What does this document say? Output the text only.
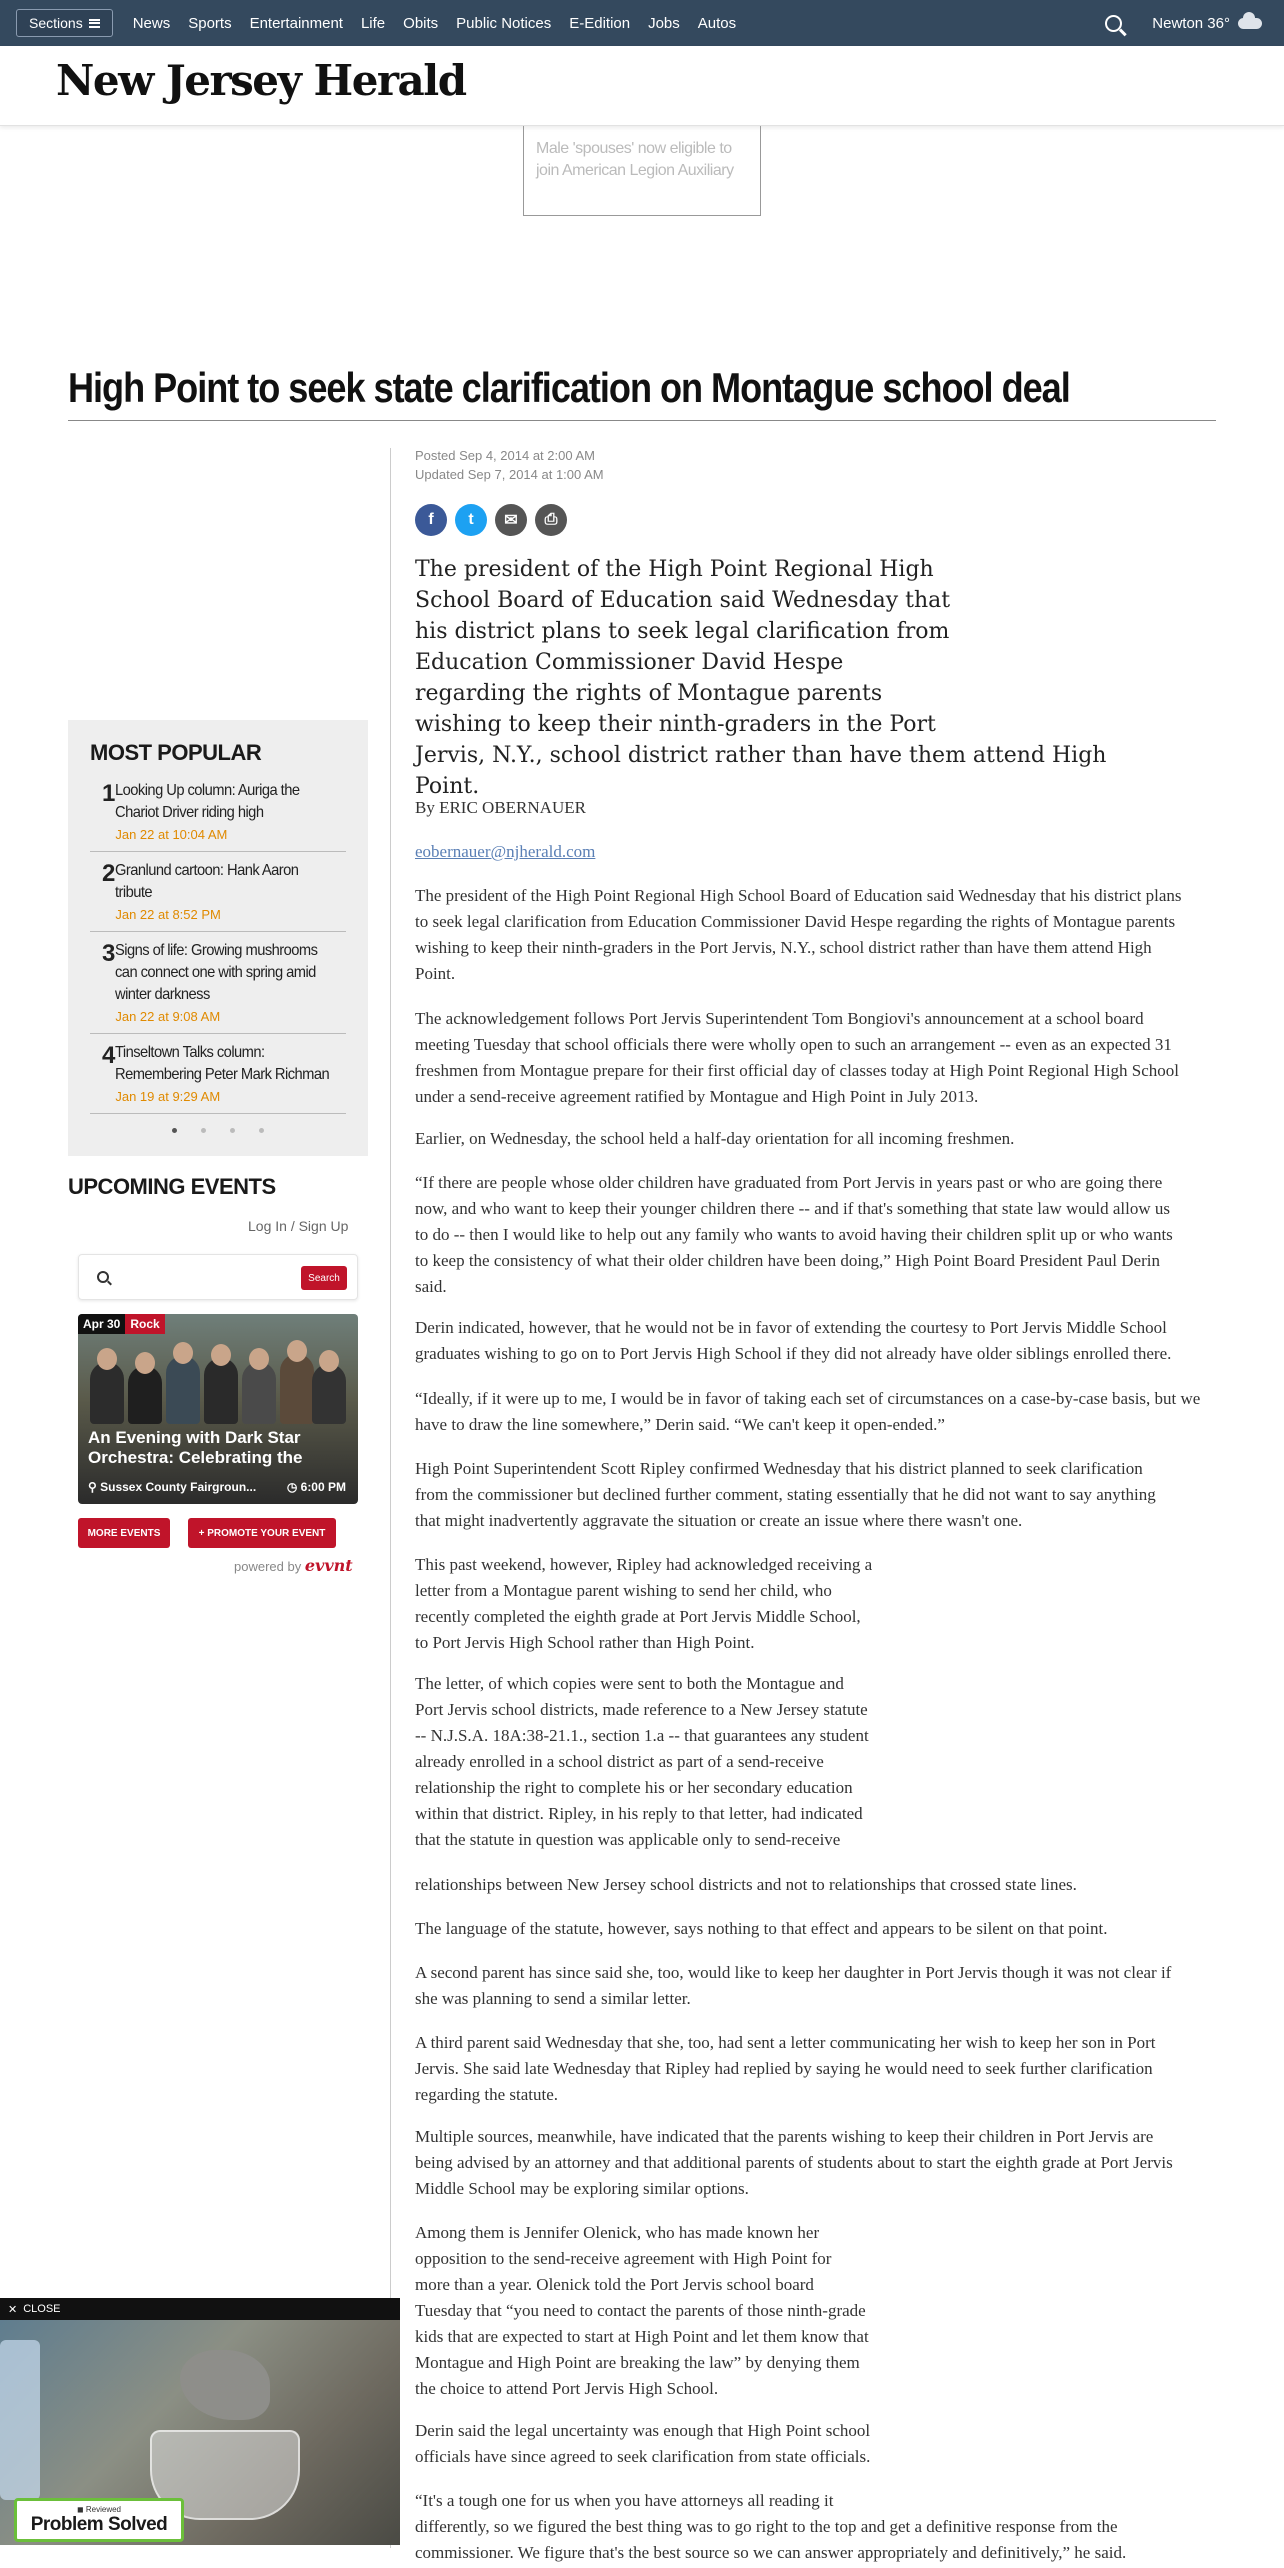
Sections	News Sports Entertainment Life Obits Public Notices E-Edition Jobs Autos	Newton 36°
New Jersey Herald
Male 'spouses' now eligible to join American Legion Auxiliary
High Point to seek state clarification on Montague school deal
Posted Sep 4, 2014 at 2:00 AM
Updated Sep 7, 2014 at 1:00 AM
f	t	✉	⎙
The president of the High Point Regional High
School Board of Education said Wednesday that
his district plans to seek legal clarification from
Education Commissioner David Hespe
regarding the rights of Montague parents
wishing to keep their ninth-graders in the Port
Jervis, N.Y., school district rather than have them attend High Point.
By ERIC OBERNAUER
eobernauer@njherald.com
The president of the High Point Regional High School Board of Education said Wednesday that his district plans
to seek legal clarification from Education Commissioner David Hespe regarding the rights of Montague parents
wishing to keep their ninth-graders in the Port Jervis, N.Y., school district rather than have them attend High
Point.
The acknowledgement follows Port Jervis Superintendent Tom Bongiovi's announcement at a school board
meeting Tuesday that school officials there were wholly open to such an arrangement -- even as an expected 31
freshmen from Montague prepare for their first official day of classes today at High Point Regional High School
under a send-receive agreement ratified by Montague and High Point in July 2013.
Earlier, on Wednesday, the school held a half-day orientation for all incoming freshmen.
“If there are people whose older children have graduated from Port Jervis in years past or who are going there
now, and who want to keep their younger children there -- and if that's something that state law would allow us
to do -- then I would like to help out any family who wants to avoid having their children split up or who wants
to keep the consistency of what their older children have been doing,” High Point Board President Paul Derin
said.
Derin indicated, however, that he would not be in favor of extending the courtesy to Port Jervis Middle School
graduates wishing to go on to Port Jervis High School if they did not already have older siblings enrolled there.
“Ideally, if it were up to me, I would be in favor of taking each set of circumstances on a case-by-case basis, but we
have to draw the line somewhere,” Derin said. “We can't keep it open-ended.”
High Point Superintendent Scott Ripley confirmed Wednesday that his district planned to seek clarification
from the commissioner but declined further comment, stating essentially that he did not want to say anything
that might inadvertently aggravate the situation or create an issue where there wasn't one.
This past weekend, however, Ripley had acknowledged receiving a
letter from a Montague parent wishing to send her child, who
recently completed the eighth grade at Port Jervis Middle School,
to Port Jervis High School rather than High Point.
The letter, of which copies were sent to both the Montague and
Port Jervis school districts, made reference to a New Jersey statute
-- N.J.S.A. 18A:38-21.1., section 1.a -- that guarantees any student
already enrolled in a school district as part of a send-receive
relationship the right to complete his or her secondary education
within that district. Ripley, in his reply to that letter, had indicated
that the statute in question was applicable only to send-receive
relationships between New Jersey school districts and not to relationships that crossed state lines.
The language of the statute, however, says nothing to that effect and appears to be silent on that point.
A second parent has since said she, too, would like to keep her daughter in Port Jervis though it was not clear if
she was planning to send a similar letter.
A third parent said Wednesday that she, too, had sent a letter communicating her wish to keep her son in Port
Jervis. She said late Wednesday that Ripley had replied by saying he would need to seek further clarification
regarding the statute.
Multiple sources, meanwhile, have indicated that the parents wishing to keep their children in Port Jervis are
being advised by an attorney and that additional parents of students about to start the eighth grade at Port Jervis
Middle School may be exploring similar options.
Among them is Jennifer Olenick, who has made known her
opposition to the send-receive agreement with High Point for
more than a year. Olenick told the Port Jervis school board
Tuesday that “you need to contact the parents of those ninth-grade
kids that are expected to start at High Point and let them know that
Montague and High Point are breaking the law” by denying them
the choice to attend Port Jervis High School.
Derin said the legal uncertainty was enough that High Point school
officials have since agreed to seek clarification from state officials.
“It's a tough one for us when you have attorneys all reading it
differently, so we figured the best thing was to go right to the top and get a definitive response from the
commissioner. We figure that's the best source so we can answer appropriately and definitively,” he said.
MOST POPULAR
1 Looking Up column: Auriga the Chariot Driver riding high
Jan 22 at 10:04 AM
2 Granlund cartoon: Hank Aaron tribute
Jan 22 at 8:52 PM
3 Signs of life: Growing mushrooms can connect one with spring amid winter darkness
Jan 22 at 9:08 AM
4 Tinseltown Talks column: Remembering Peter Mark Richman
Jan 19 at 9:29 AM
UPCOMING EVENTS
Log In / Sign Up
Search
Apr 30 Rock
An Evening with Dark Star Orchestra: Celebrating the
⚲ Sussex County Fairgroun...	◷ 6:00 PM
MORE EVENTS	+ PROMOTE YOUR EVENT
powered by evvnt
✕ CLOSE
◼ Reviewed
Problem Solved
